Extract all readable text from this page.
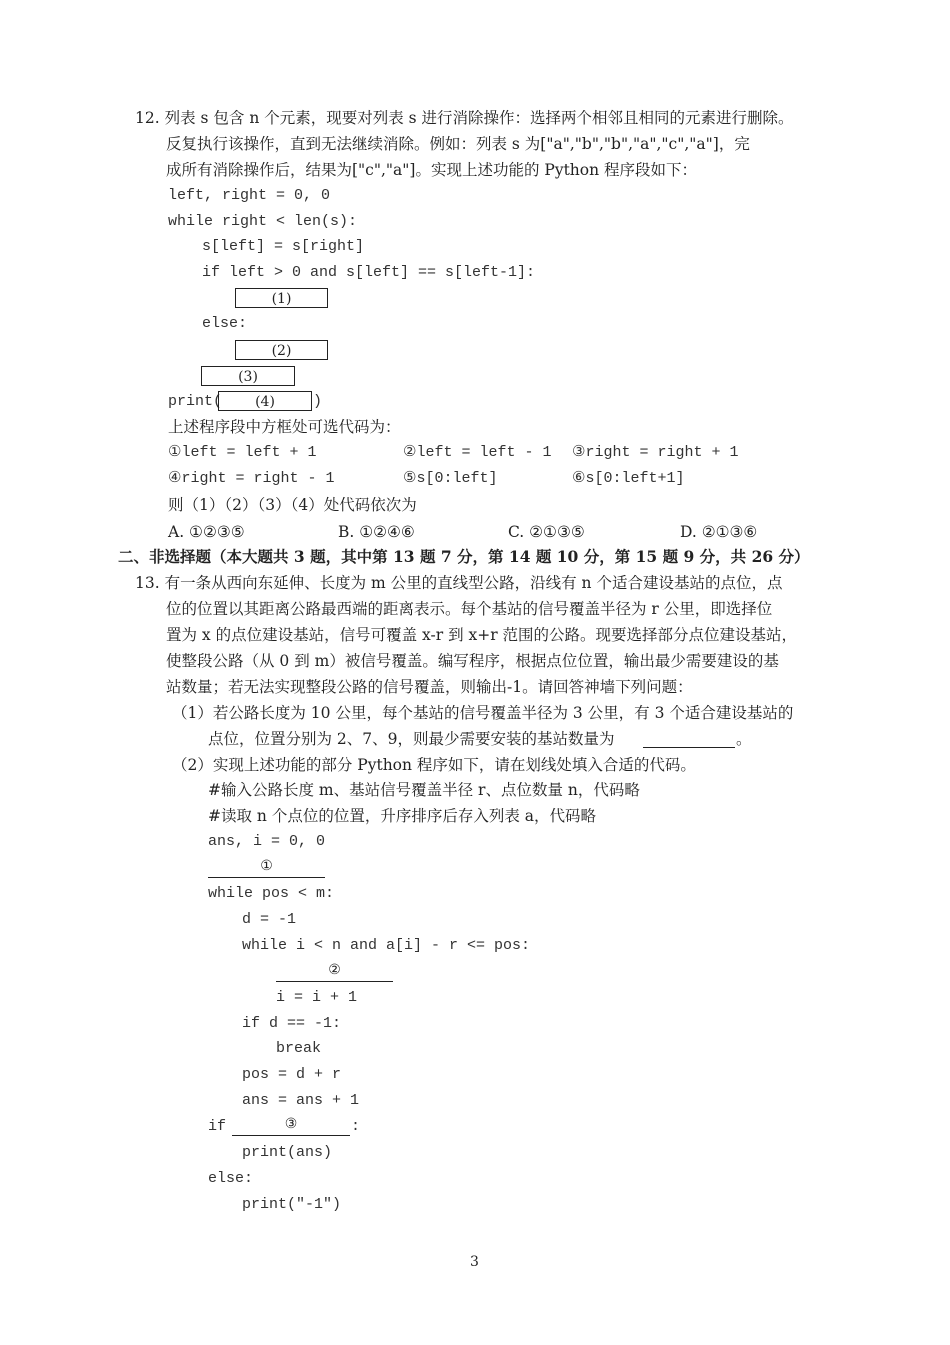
12. 列表 s 包含 n 个元素，现要对列表 s 进行消除操作：选择两个相邻且相同的元素进行删除。
反复执行该操作，直到无法继续消除。例如：列表 s 为["a","b","b","a","c","a"]，完
成所有消除操作后，结果为["c","a"]。实现上述功能的 Python 程序段如下：
left, right = 0, 0
while right < len(s):
s[left] = s[right]
if left > 0 and s[left] == s[left-1]:
(1)
else:
(2)
(3)
print(	(4)	)
上述程序段中方框处可选代码为：
①left = left + 1	②left = left - 1 ③right = right + 1
④right = right - 1	⑤s[0:left]	⑥s[0:left+1]
则（1）（2）（3）（4）处代码依次为
A. ①②③⑤	B. ①②④⑥	C. ②①③⑤	D. ②①③⑥
二、非选择题（本大题共 3 题，其中第 13 题 7 分，第 14 题 10 分，第 15 题 9 分，共 26 分）
13. 有一条从西向东延伸、长度为 m 公里的直线型公路，沿线有 n 个适合建设基站的点位，点
位的位置以其距离公路最西端的距离表示。每个基站的信号覆盖半径为 r 公里，即选择位
置为 x 的点位建设基站，信号可覆盖 x-r 到 x+r 范围的公路。现要选择部分点位建设基站，
使整段公路（从 0 到 m）被信号覆盖。编写程序，根据点位位置，输出最少需要建设的基
站数量；若无法实现整段公路的信号覆盖，则输出-1。请回答神墙下列问题：
（1）若公路长度为 10 公里，每个基站的信号覆盖半径为 3 公里，有 3 个适合建设基站的
点位，位置分别为 2、7、9，则最少需要安装的基站数量为	。
（2）实现上述功能的部分 Python 程序如下，请在划线处填入合适的代码。
#输入公路长度 m、基站信号覆盖半径 r、点位数量 n，代码略
#读取 n 个点位的位置，升序排序后存入列表 a，代码略
ans, i = 0, 0
①
while pos < m:
d = -1
while i < n and a[i] - r <= pos:
②
i = i + 1
if d == -1:
break
pos = d + r
ans = ans + 1
if	③	:
print(ans)
else:
print("-1")
3
